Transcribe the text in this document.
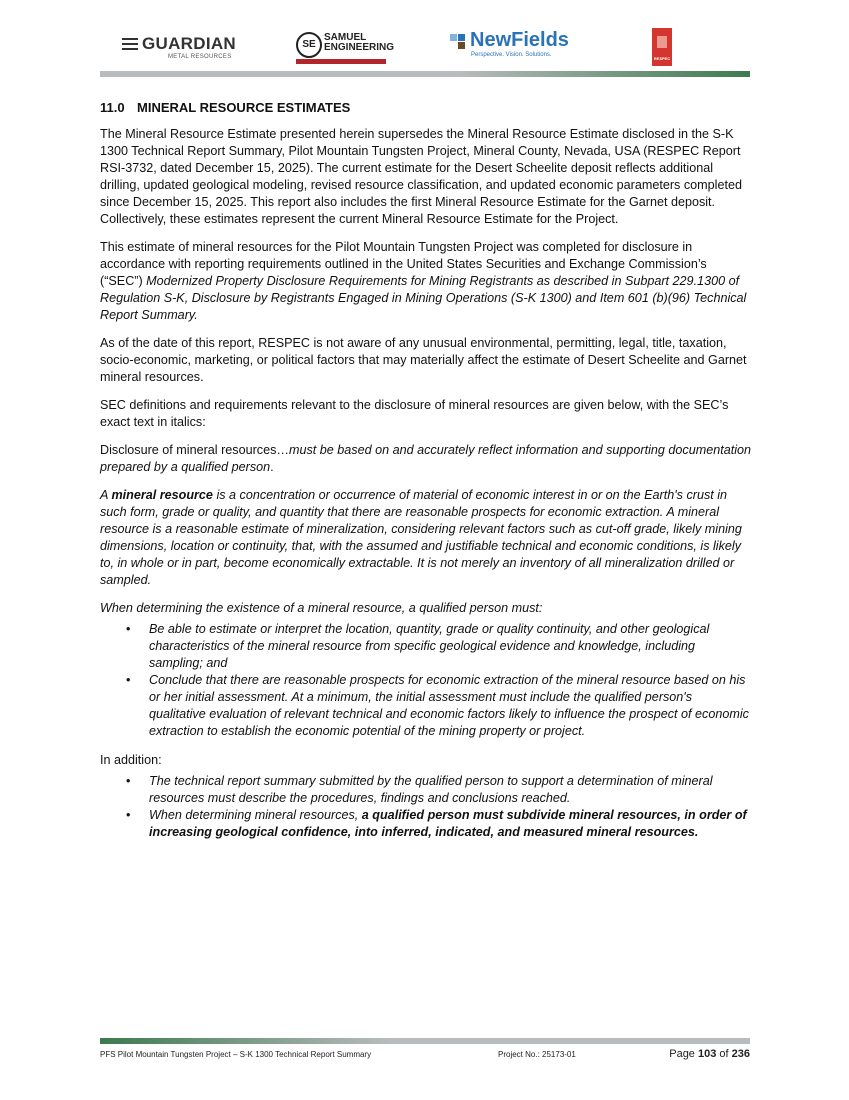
GUARDIAN
METAL RESOURCES
SE
SAMUEL
ENGINEERING	NewFields
Perspective. Vision. Solutions.
RESPEC
11.0 MINERAL RESOURCE ESTIMATES

The Mineral Resource Estimate presented herein supersedes the Mineral Resource Estimate disclosed in the S-K 1300 Technical Report Summary, Pilot Mountain Tungsten Project, Mineral County, Nevada, USA (RESPEC Report RSI-3732, dated December 15, 2025). The current estimate for the Desert Scheelite deposit reflects additional drilling, updated geological modeling, revised resource classification, and updated economic parameters completed since December 15, 2025. This report also includes the first Mineral Resource Estimate for the Garnet deposit. Collectively, these estimates represent the current Mineral Resource Estimate for the Project.

This estimate of mineral resources for the Pilot Mountain Tungsten Project was completed for disclosure in accordance with reporting requirements outlined in the United States Securities and Exchange Commission’s (“SEC”) Modernized Property Disclosure Requirements for Mining Registrants as described in Subpart 229.1300 of Regulation S-K, Disclosure by Registrants Engaged in Mining Operations (S-K 1300) and Item 601 (b)(96) Technical Report Summary.

As of the date of this report, RESPEC is not aware of any unusual environmental, permitting, legal, title, taxation, socio-economic, marketing, or political factors that may materially affect the estimate of Desert Scheelite and Garnet mineral resources.

SEC definitions and requirements relevant to the disclosure of mineral resources are given below, with the SEC’s exact text in italics:

Disclosure of mineral resources…must be based on and accurately reflect information and supporting documentation prepared by a qualified person.

A mineral resource is a concentration or occurrence of material of economic interest in or on the Earth's crust in such form, grade or quality, and quantity that there are reasonable prospects for economic extraction. A mineral resource is a reasonable estimate of mineralization, considering relevant factors such as cut-off grade, likely mining dimensions, location or continuity, that, with the assumed and justifiable technical and economic conditions, is likely to, in whole or in part, become economically extractable. It is not merely an inventory of all mineralization drilled or sampled.

When determining the existence of a mineral resource, a qualified person must:

• Be able to estimate or interpret the location, quantity, grade or quality continuity, and other geological characteristics of the mineral resource from specific geological evidence and knowledge, including sampling; and
• Conclude that there are reasonable prospects for economic extraction of the mineral resource based on his or her initial assessment. At a minimum, the initial assessment must include the qualified person's qualitative evaluation of relevant technical and economic factors likely to influence the prospect of economic extraction to establish the economic potential of the mining property or project.

In addition:

• The technical report summary submitted by the qualified person to support a determination of mineral resources must describe the procedures, findings and conclusions reached.
• When determining mineral resources, a qualified person must subdivide mineral resources, in order of increasing geological confidence, into inferred, indicated, and measured mineral resources.
PFS Pilot Mountain Tungsten Project – S-K 1300 Technical Report Summary	Project No.: 25173-01	Page 103 of 236
